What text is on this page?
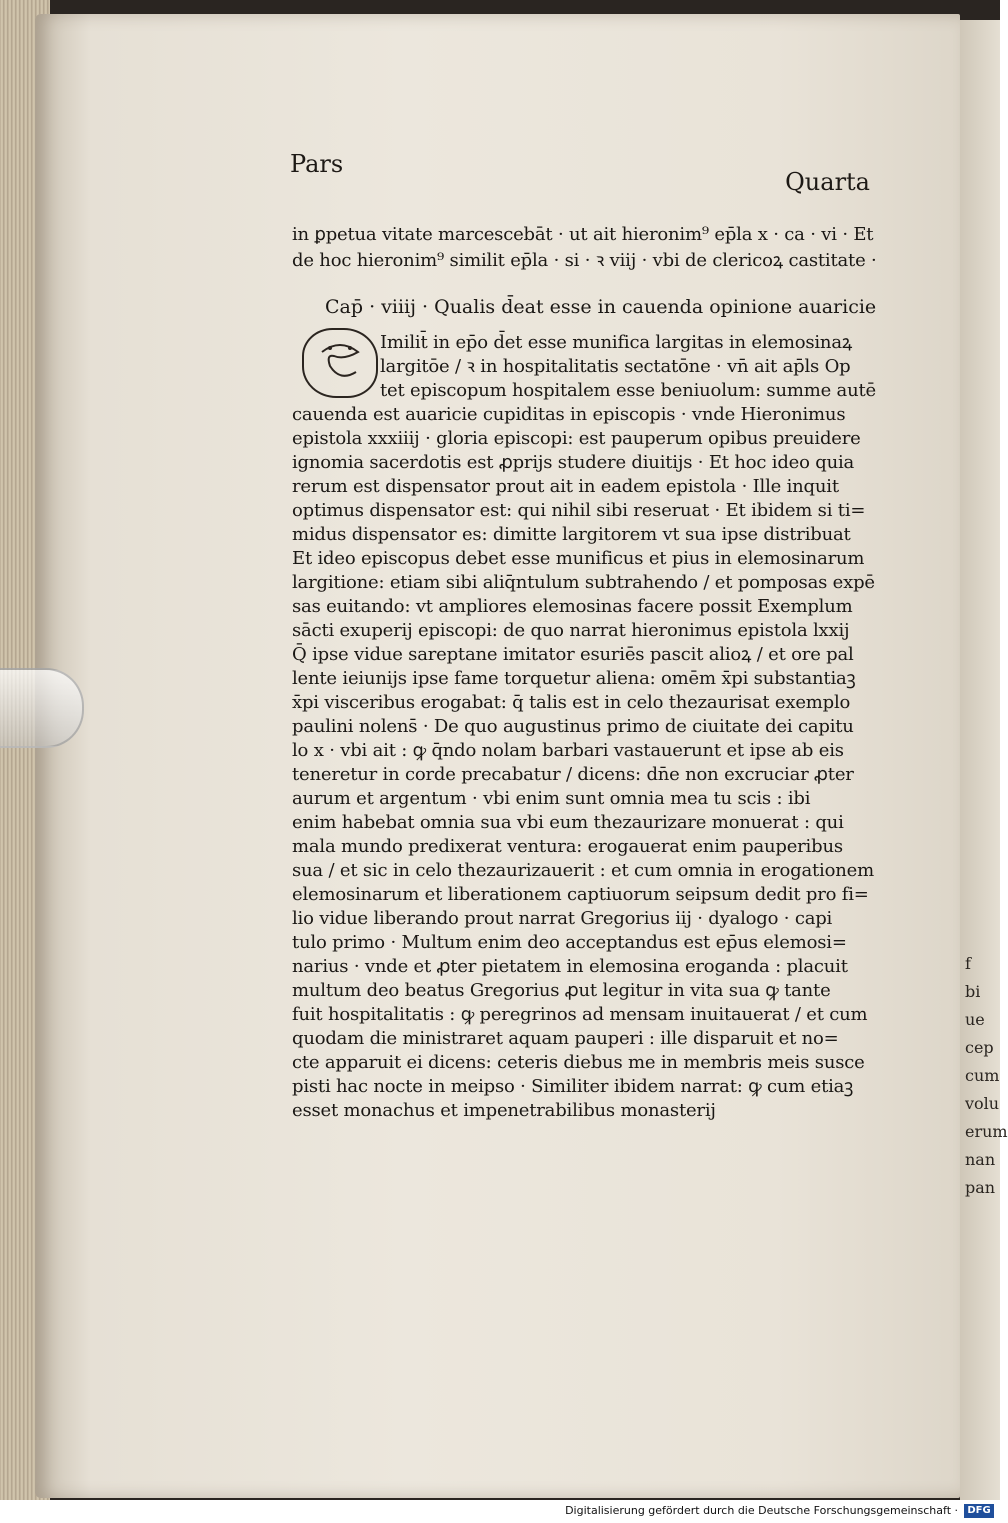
Pars
Quarta
in ꝑpetua vitate marcescebāt · ut ait hieronim⁹ ep̄la x · ca · vi · Et
de hoc hieronim⁹ similit ep̄la · si · ꝛ viij · vbi de clericoꝝ castitate ·
Cap̄ · viiij · Qualis d̄eat esse in cauenda opinione auaricie
Imilit̄ in ep̄o d̄et esse munifica largitas in elemosinaꝝ
largitōe / ꝛ in hospitalitatis sectatōne · vn̄ ait ap̄ls Op
tet episcopum hospitalem esse beniuolum: summe autē
cauenda est auaricie cupiditas in episcopis · vnde Hieronimus
epistola xxxiiij · gloria episcopi: est pauperum opibus preuidere
ignomia sacerdotis est ꝓprijs studere diuitijs · Et hoc ideo quia
rerum est dispensator prout ait in eadem epistola · Ille inquit
optimus dispensator est: qui nihil sibi reseruat · Et ibidem si ti=
midus dispensator es: dimitte largitorem vt sua ipse distribuat
Et ideo episcopus debet esse munificus et pius in elemosinarum
largitione: etiam sibi aliq̄ntulum subtrahendo / et pomposas expē
sas euitando: vt ampliores elemosinas facere possit Exemplum
sācti exuperij episcopi: de quo narrat hieronimus epistola lxxij
Q̄ ipse vidue sareptane imitator esuriēs pascit alioꝝ / et ore pal
lente ieiunijs ipse fame torquetur aliena: omēm x̄pi substantiaꝫ
x̄pi visceribus erogabat: q̄ talis est in celo thezaurisat exemplo
paulini nolens̄ · De quo augustinus primo de ciuitate dei capitu
lo x · vbi ait : ꝙ q̄ndo nolam barbari vastauerunt et ipse ab eis
teneretur in corde precabatur / dicens: dn̄e non excruciar ꝓter
aurum et argentum · vbi enim sunt omnia mea tu scis : ibi
enim habebat omnia sua vbi eum thezaurizare monuerat : qui
mala mundo predixerat ventura: erogauerat enim pauperibus
sua / et sic in celo thezaurizauerit : et cum omnia in erogationem
elemosinarum et liberationem captiuorum seipsum dedit pro fi=
lio vidue liberando prout narrat Gregorius iij · dyalogo · capi
tulo primo · Multum enim deo acceptandus est ep̄us elemosi=
narius · vnde et ꝓter pietatem in elemosina eroganda : placuit
multum deo beatus Gregorius ꝓut legitur in vita sua ꝙ tante
fuit hospitalitatis : ꝙ peregrinos ad mensam inuitauerat / et cum
quodam die ministraret aquam pauperi : ille disparuit et no=
cte apparuit ei dicens: ceteris diebus me in membris meis susce
pisti hac nocte in meipso · Similiter ibidem narrat: ꝙ cum etiaꝫ
esset monachus et impenetrabilibus monasterij
f
bi
ue
cep
cum
volu
erum
nan
pan
Digitalisierung gefördert durch die Deutsche Forschungsgemeinschaft · DFG
